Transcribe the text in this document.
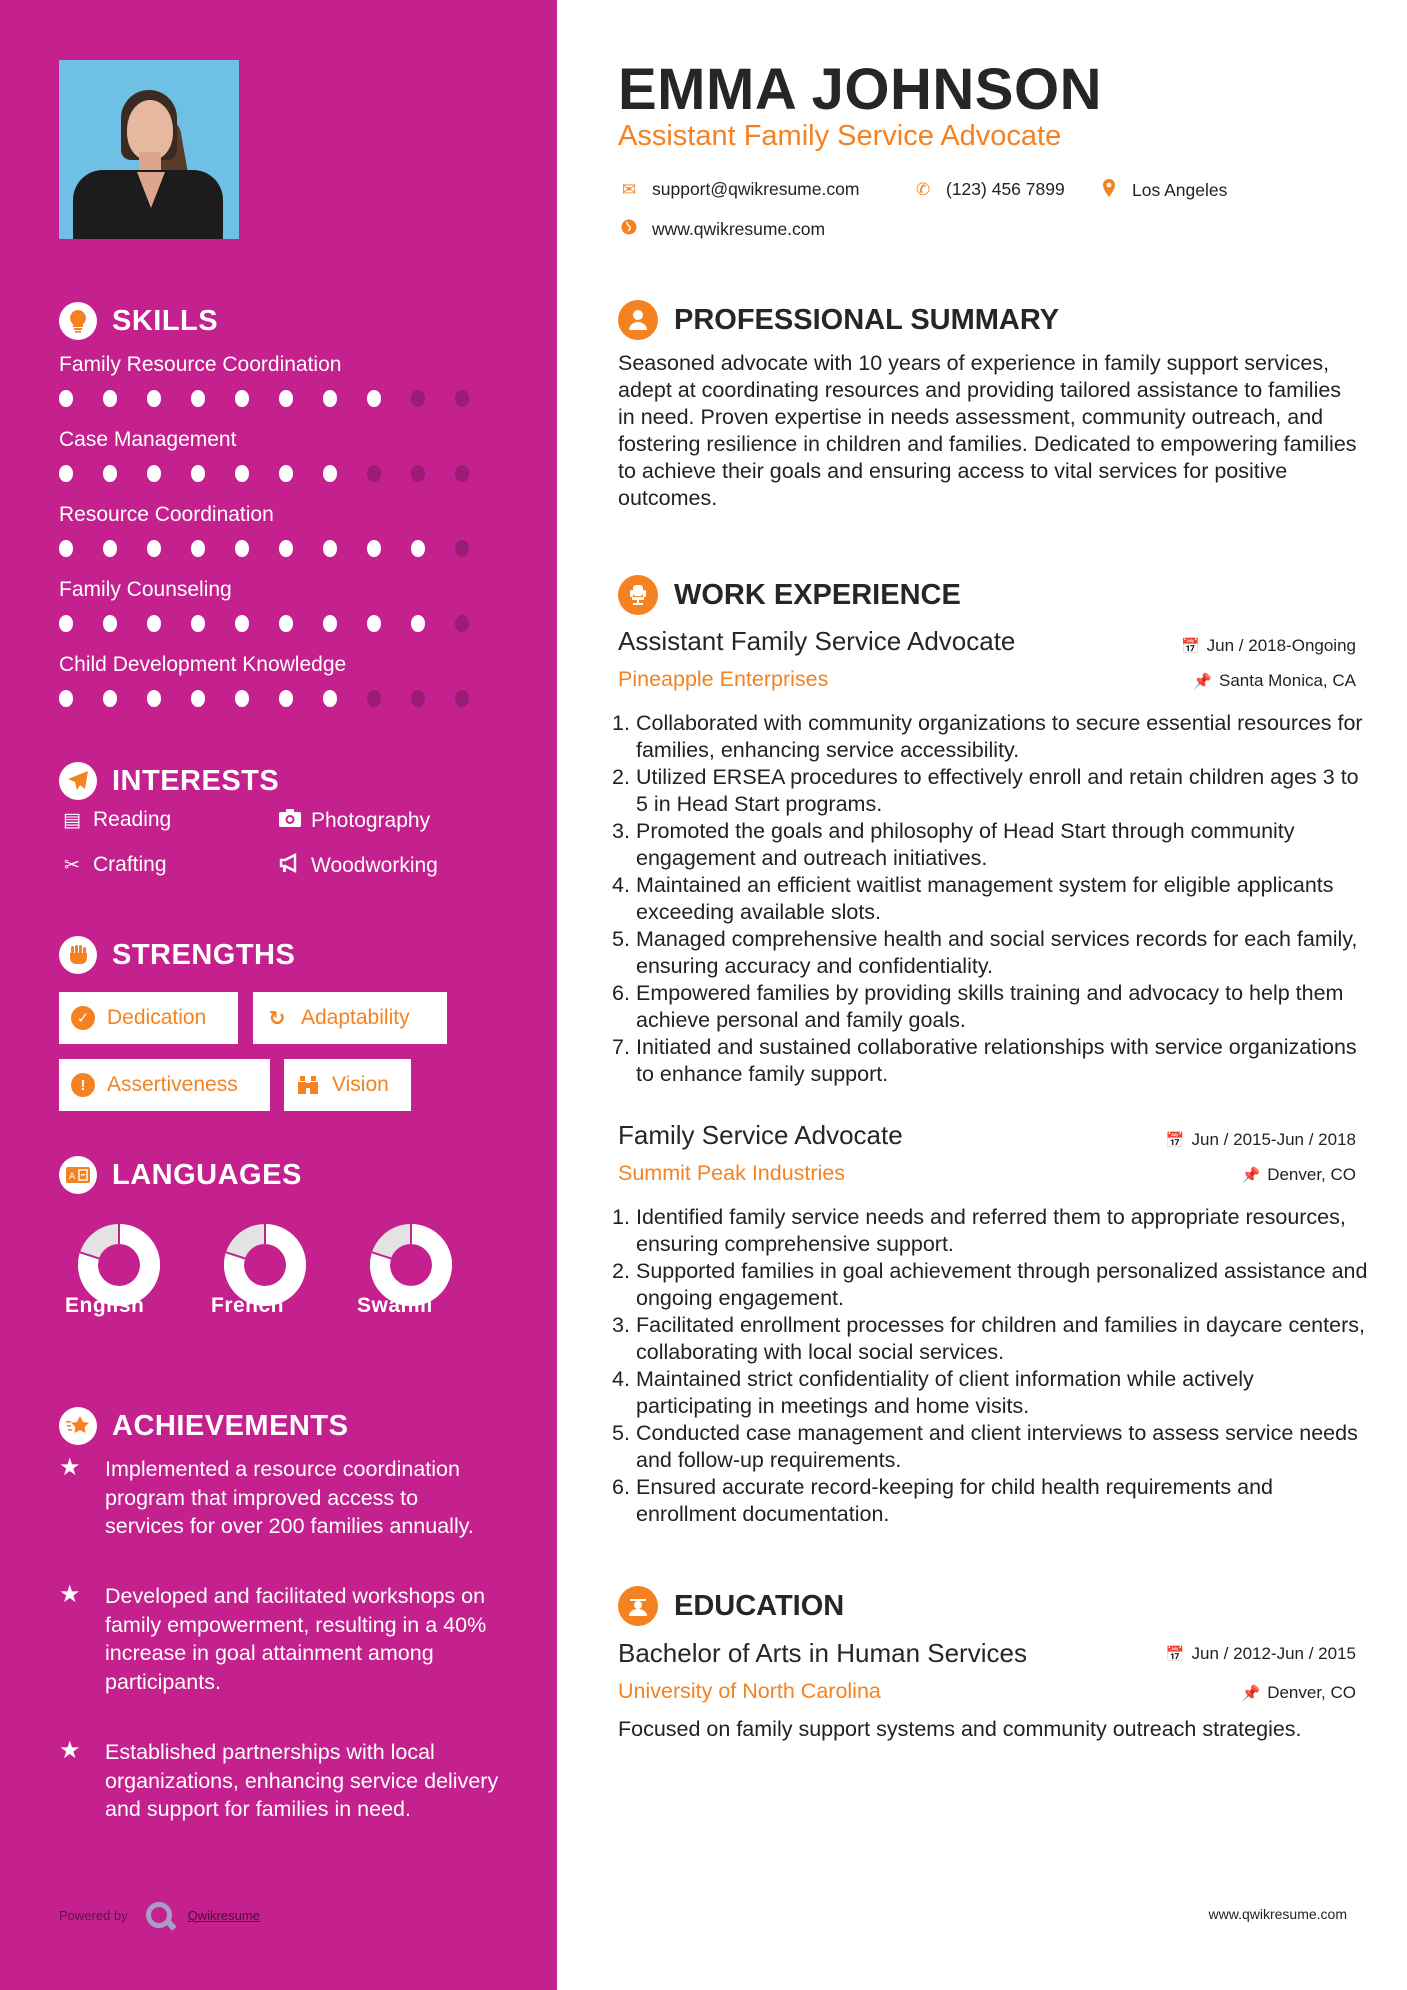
SKILLS
Family Resource Coordination
Case Management
Resource Coordination
Family Counseling
Child Development Knowledge
INTERESTS
▤ Reading	Photography
✂ Crafting	Woodworking
STRENGTHS
✓ Dedication	↻ Adaptability
!	Assertiveness	Vision
A LANGUAGES
English	French	Swahili
ACHIEVEMENTS
★	Implemented a resource coordination program that improved access to services for over 200 families annually.
★	Developed and facilitated workshops on family empowerment, resulting in a 40% increase in goal attainment among participants.
★	Established partnerships with local organizations, enhancing service delivery and support for families in need.
Powered by	Qwikresume
EMMA JOHNSON
Assistant Family Service Advocate
✉ support@qwikresume.com	✆ (123) 456 7899	Los Angeles
www.qwikresume.com
PROFESSIONAL SUMMARY
Seasoned advocate with 10 years of experience in family support services, adept at coordinating resources and providing tailored assistance to families in need. Proven expertise in needs assessment, community outreach, and fostering resilience in children and families. Dedicated to empowering families to achieve their goals and ensuring access to vital services for positive outcomes.
WORK EXPERIENCE
Assistant Family Service Advocate	📅 Jun / 2018-Ongoing
Pineapple Enterprises	📌 Santa Monica, CA
1. Collaborated with community organizations to secure essential resources for families, enhancing service accessibility.
2. Utilized ERSEA procedures to effectively enroll and retain children ages 3 to 5 in Head Start programs.
3. Promoted the goals and philosophy of Head Start through community engagement and outreach initiatives.
4. Maintained an efficient waitlist management system for eligible applicants exceeding available slots.
5. Managed comprehensive health and social services records for each family, ensuring accuracy and confidentiality.
6. Empowered families by providing skills training and advocacy to help them achieve personal and family goals.
7. Initiated and sustained collaborative relationships with service organizations to enhance family support.
Family Service Advocate	📅 Jun / 2015-Jun / 2018
Summit Peak Industries	📌 Denver, CO
1. Identified family service needs and referred them to appropriate resources, ensuring comprehensive support.
2. Supported families in goal achievement through personalized assistance and ongoing engagement.
3. Facilitated enrollment processes for children and families in daycare centers, collaborating with local social services.
4. Maintained strict confidentiality of client information while actively participating in meetings and home visits.
5. Conducted case management and client interviews to assess service needs and follow-up requirements.
6. Ensured accurate record-keeping for child health requirements and enrollment documentation.
EDUCATION
Bachelor of Arts in Human Services	📅 Jun / 2012-Jun / 2015
University of North Carolina	📌 Denver, CO
Focused on family support systems and community outreach strategies.
www.qwikresume.com
